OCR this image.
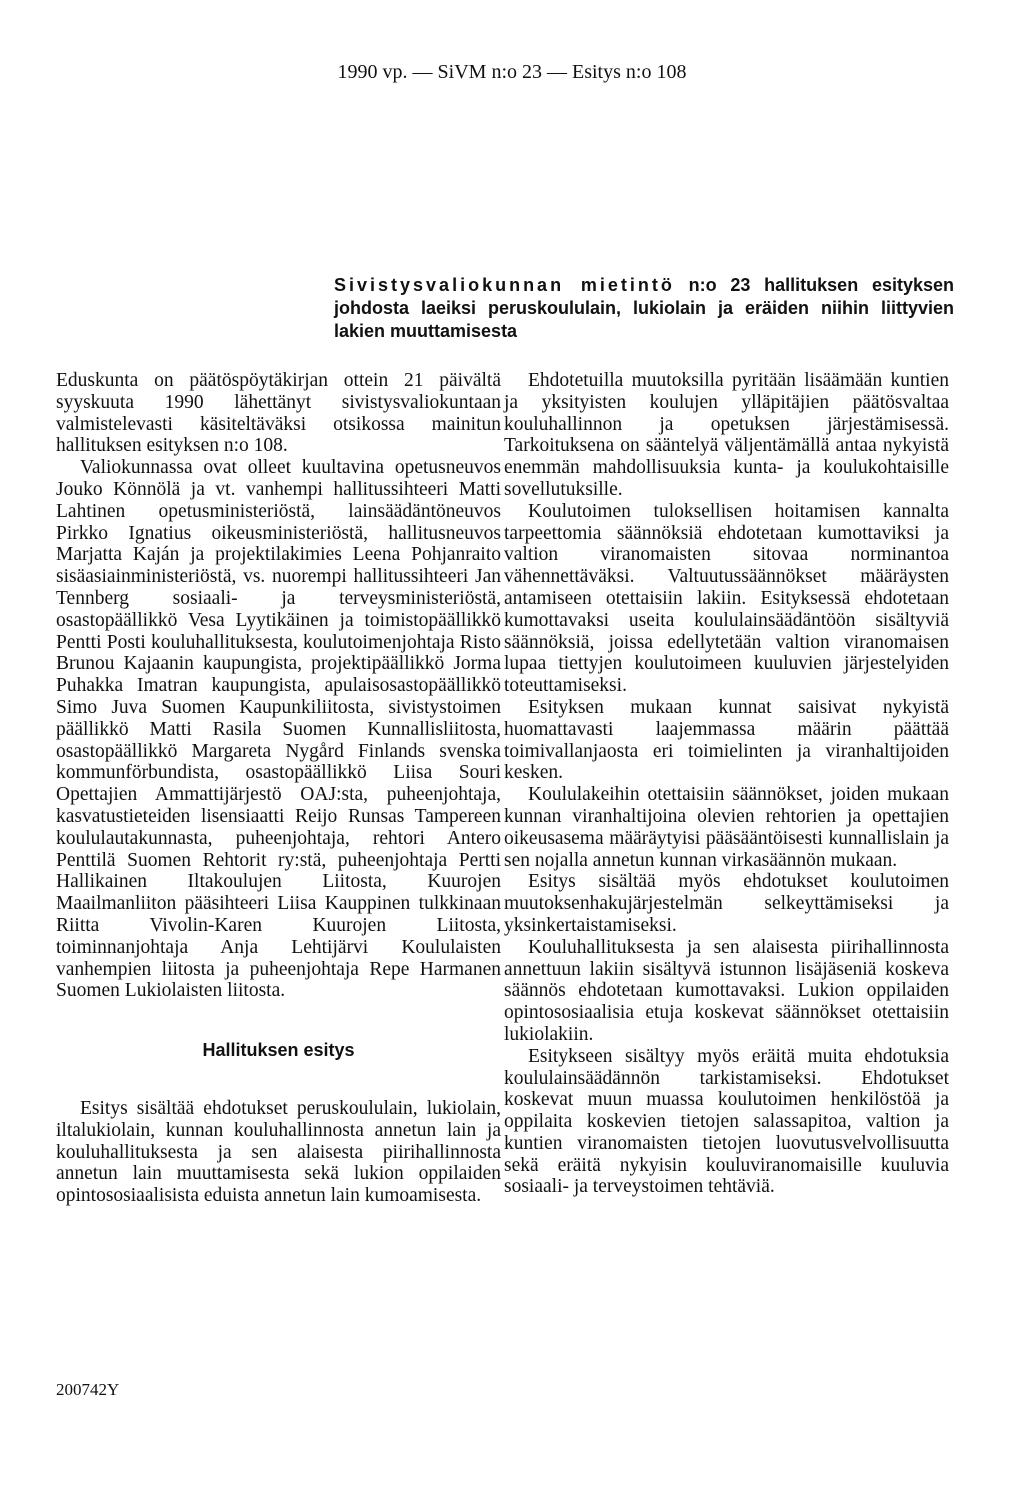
1990 vp. — SiVM n:o 23 — Esitys n:o 108
Sivistysvaliokunnan mietintö n:o 23 hallituksen esityksen johdosta laeiksi peruskoululain, lukiolain ja eräiden niihin liittyvien lakien muuttamisesta

Eduskunta on päätöspöytäkirjan ottein 21 päivältä syyskuuta 1990 lähettänyt sivistysvaliokuntaan valmistelevasti käsiteltäväksi otsikossa mainitun hallituksen esityksen n:o 108.

Valiokunnassa ovat olleet kuultavina opetusneuvos Jouko Könnölä ja vt. vanhempi hallitussihteeri Matti Lahtinen opetusministeriöstä, lainsäädäntöneuvos Pirkko Ignatius oikeusministeriöstä, hallitusneuvos Marjatta Kaján ja projektilakimies Leena Pohjanraito sisäasiainministeriöstä, vs. nuorempi hallitussihteeri Jan Tennberg sosiaali- ja terveysministeriöstä, osastopäällikkö Vesa Lyytikäinen ja toimistopäällikkö Pentti Posti kouluhallituksesta, koulutoimenjohtaja Risto Brunou Kajaanin kaupungista, projektipäällikkö Jorma Puhakka Imatran kaupungista, apulaisosastopäällikkö Simo Juva Suomen Kaupunkiliitosta, sivistystoimen päällikkö Matti Rasila Suomen Kunnallisliitosta, osastopäällikkö Margareta Nygård Finlands svenska kommunförbundista, osastopäällikkö Liisa Souri Opettajien Ammattijärjestö OAJ:sta, puheenjohtaja, kasvatustieteiden lisensiaatti Reijo Runsas Tampereen koululautakunnasta, puheenjohtaja, rehtori Antero Penttilä Suomen Rehtorit ry:stä, puheenjohtaja Pertti Hallikainen Iltakoulujen Liitosta, Kuurojen Maailmanliiton pääsihteeri Liisa Kauppinen tulkkinaan Riitta Vivolin-Karen Kuurojen Liitosta, toiminnanjohtaja Anja Lehtijärvi Koululaisten vanhempien liitosta ja puheenjohtaja Repe Harmanen Suomen Lukiolaisten liitosta.

Hallituksen esitys

Esitys sisältää ehdotukset peruskoululain, lukiolain, iltalukiolain, kunnan kouluhallinnosta annetun lain ja kouluhallituksesta ja sen alaisesta piirihallinnosta annetun lain muuttamisesta sekä lukion oppilaiden opintososiaalisista eduista annetun lain kumoamisesta.

Ehdotetuilla muutoksilla pyritään lisäämään kuntien ja yksityisten koulujen ylläpitäjien päätösvaltaa kouluhallinnon ja opetuksen järjestämisessä. Tarkoituksena on sääntelyä väljentämällä antaa nykyistä enemmän mahdollisuuksia kunta- ja koulukohtaisille sovellutuksille.

Koulutoimen tuloksellisen hoitamisen kannalta tarpeettomia säännöksiä ehdotetaan kumottaviksi ja valtion viranomaisten sitovaa norminantoa vähennettäväksi. Valtuutussäännökset määräysten antamiseen otettaisiin lakiin. Esityksessä ehdotetaan kumottavaksi useita koululainsäädäntöön sisältyviä säännöksiä, joissa edellytetään valtion viranomaisen lupaa tiettyjen koulutoimeen kuuluvien järjestelyiden toteuttamiseksi.

Esityksen mukaan kunnat saisivat nykyistä huomattavasti laajemmassa määrin päättää toimivallanjaosta eri toimielinten ja viranhaltijoiden kesken.

Koululakeihin otettaisiin säännökset, joiden mukaan kunnan viranhaltijoina olevien rehtorien ja opettajien oikeusasema määräytyisi pääsääntöisesti kunnallislain ja sen nojalla annetun kunnan virkasäännön mukaan.

Esitys sisältää myös ehdotukset koulutoimen muutoksenhakujärjestelmän selkeyttämiseksi ja yksinkertaistamiseksi.

Kouluhallituksesta ja sen alaisesta piirihallinnosta annettuun lakiin sisältyvä istunnon lisäjäseniä koskeva säännös ehdotetaan kumottavaksi. Lukion oppilaiden opintososiaalisia etuja koskevat säännökset otettaisiin lukiolakiin.

Esitykseen sisältyy myös eräitä muita ehdotuksia koululainsäädännön tarkistamiseksi. Ehdotukset koskevat muun muassa koulutoimen henkilöstöä ja oppilaita koskevien tietojen salassapitoa, valtion ja kuntien viranomaisten tietojen luovutusvelvollisuutta sekä eräitä nykyisin kouluviranomaisille kuuluvia sosiaali- ja terveystoimen tehtäviä.

200742Y
